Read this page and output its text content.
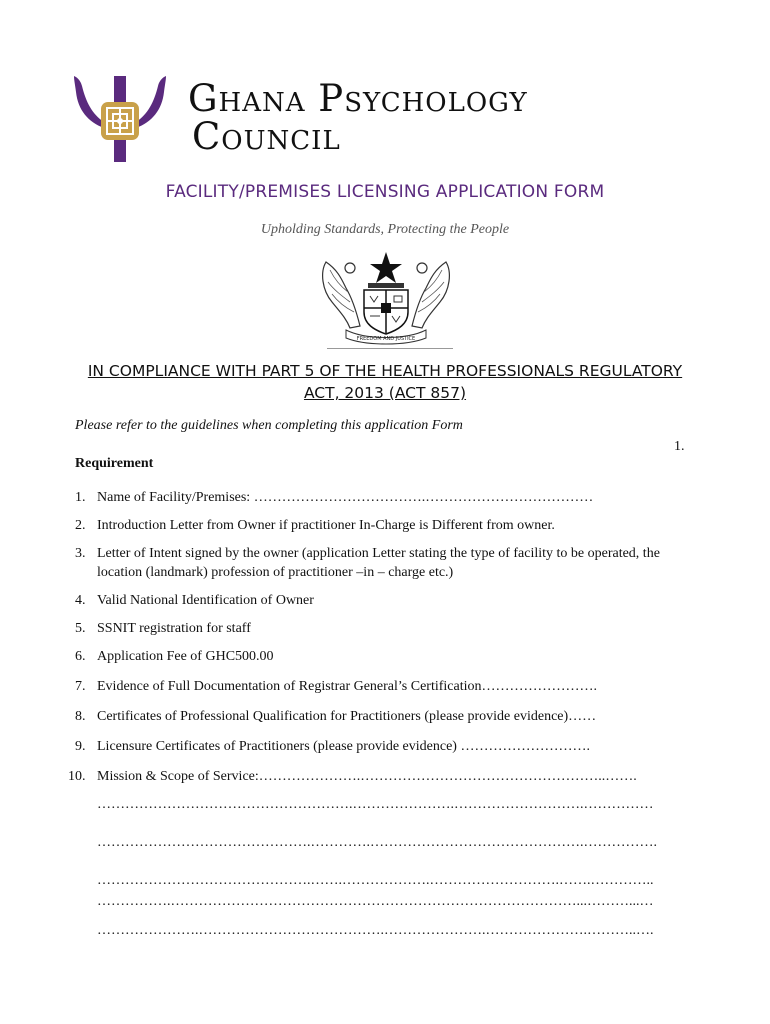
Ghana Psychology
Council
FACILITY/PREMISES LICENSING APPLICATION FORM
Upholding Standards, Protecting the People
FREEDOM AND JUSTICE
IN COMPLIANCE WITH PART 5 OF THE HEALTH PROFESSIONALS REGULATORY
ACT, 2013 (ACT 857)
Please refer to the guidelines when completing this application Form
1.
Requirement
1. Name of Facility/Premises: ……………………………….………………………………
2. Introduction Letter from Owner if practitioner In-Charge is Different from owner.
3. Letter of Intent signed by the owner (application Letter stating the type of facility to be operated, the location (landmark) profession of practitioner –in – charge etc.)
4. Valid National Identification of Owner
5. SSNIT registration for staff
6. Application Fee of GHC500.00
7. Evidence of Full Documentation of Registrar General’s Certification…………………….
8. Certificates of Professional Qualification for Practitioners (please provide evidence)……
9. Licensure Certificates of Practitioners (please provide evidence) ……………………….
10. Mission & Scope of Service:………………….……………………………………………..…….
……………………………………………….………………….……………………….……………
……………………………………….………….……………………………………….…………….
……………………………………….…….……………….……………………….…….…………..
…………….……………………………………………………………………………...………...…
………………….………………………………….………………….………………….………..….
